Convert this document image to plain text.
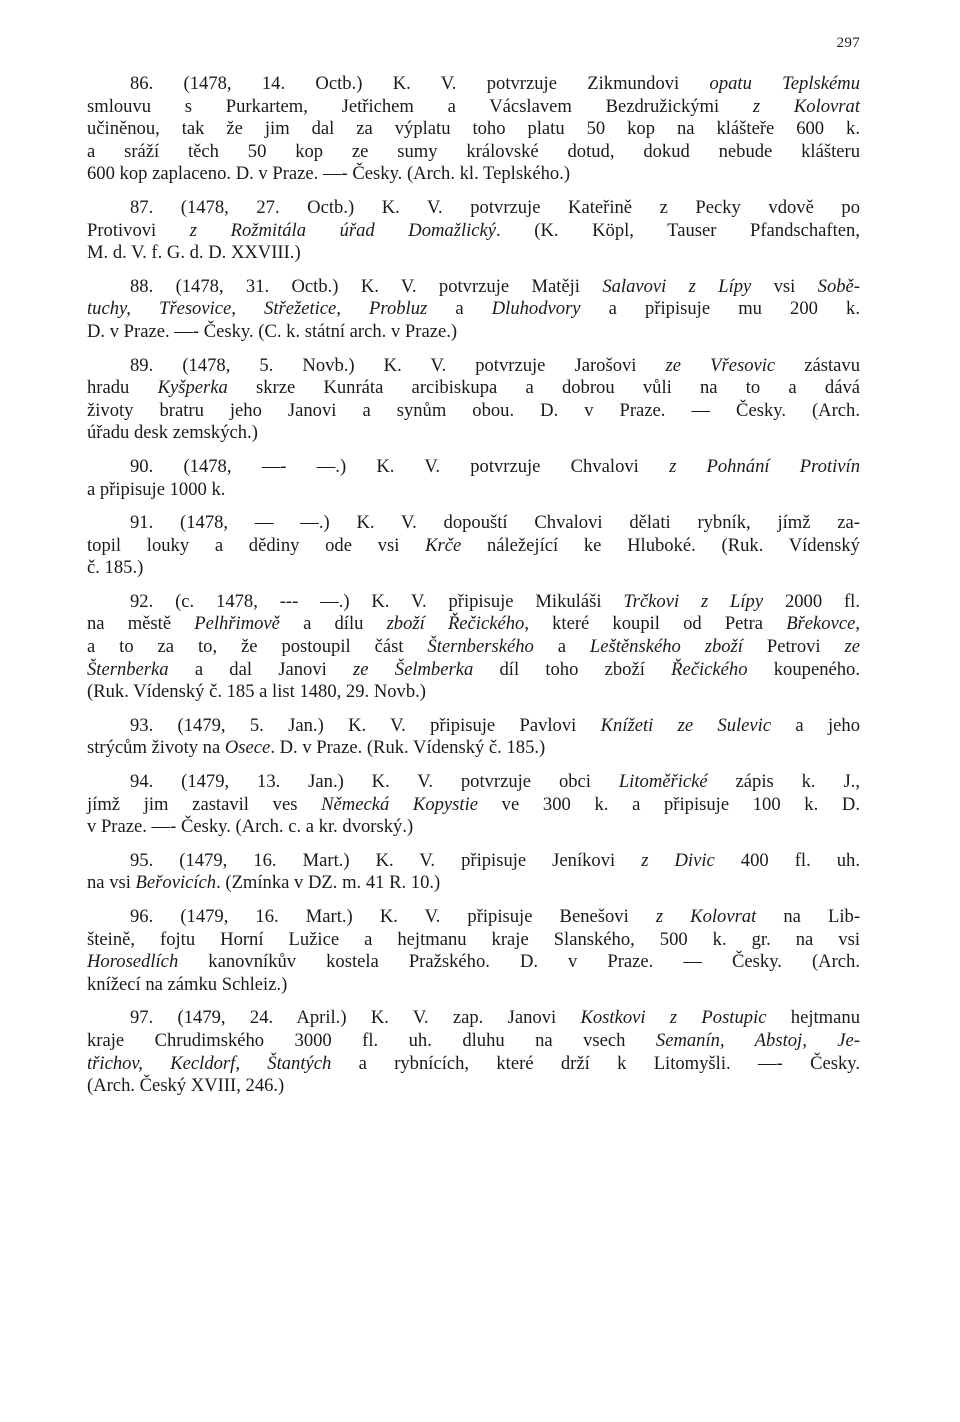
297
86. (1478, 14. Octb.) K. V. potvrzuje Zikmundovi opatu Teplskému
smlouvu s Purkartem, Jetřichem a Vácslavem Bezdružickými z Kolovrat
učiněnou, tak že jim dal za výplatu toho platu 50 kop na klášteře 600 k.
a sráží těch 50 kop ze sumy královské dotud, dokud nebude klášteru
600 kop zaplaceno. D. v Praze. —- Česky. (Arch. kl. Teplského.)
87. (1478, 27. Octb.) K. V. potvrzuje Kateřině z Pecky vdově po
Protivovi z Rožmitála úřad Domažlický. (K. Köpl, Tauser Pfandschaften,
M. d. V. f. G. d. D. XXVIII.)
88. (1478, 31. Octb.) K. V. potvrzuje Matěji Salavovi z Lípy vsi Sobě-
tuchy, Třesovice, Střežetice, Probluz a Dluhodvory a připisuje mu 200 k.
D. v Praze. —- Česky. (C. k. státní arch. v Praze.)
89. (1478, 5. Novb.) K. V. potvrzuje Jarošovi ze Vřesovic zástavu
hradu Kyšperka skrze Kunráta arcibiskupa a dobrou vůli na to a dává
životy bratru jeho Janovi a synům obou. D. v Praze. — Česky. (Arch.
úřadu desk zemských.)
90. (1478, —- —.) K. V. potvrzuje Chvalovi z Pohnání Protivín
a připisuje 1000 k.
91. (1478, — —.) K. V. dopouští Chvalovi dělati rybník, jímž za-
topil louky a dědiny ode vsi Krče náležející ke Hluboké. (Ruk. Vídenský
č. 185.)
92. (c. 1478, --- —.) K. V. připisuje Mikuláši Trčkovi z Lípy 2000 fl.
na městě Pelhřimově a dílu zboží Řečického, které koupil od Petra Břekovce,
a to za to, že postoupil část Šternberského a Leštěnského zboží Petrovi ze
Šternberka a dal Janovi ze Šelmberka díl toho zboží Řečického koupeného.
(Ruk. Vídenský č. 185 a list 1480, 29. Novb.)
93. (1479, 5. Jan.) K. V. připisuje Pavlovi Knížeti ze Sulevic a jeho
strýcům životy na Osece. D. v Praze. (Ruk. Vídenský č. 185.)
94. (1479, 13. Jan.) K. V. potvrzuje obci Litoměřické zápis k. J.,
jímž jim zastavil ves Německá Kopystie ve 300 k. a připisuje 100 k. D.
v Praze. —- Česky. (Arch. c. a kr. dvorský.)
95. (1479, 16. Mart.) K. V. připisuje Jeníkovi z Divic 400 fl. uh.
na vsi Beřovicích. (Zmínka v DZ. m. 41 R. 10.)
96. (1479, 16. Mart.) K. V. připisuje Benešovi z Kolovrat na Lib-
šteině, fojtu Horní Lužice a hejtmanu kraje Slanského, 500 k. gr. na vsi
Horosedlích kanovníkův kostela Pražského. D. v Praze. — Česky. (Arch.
knížecí na zámku Schleiz.)
97. (1479, 24. April.) K. V. zap. Janovi Kostkovi z Postupic hejtmanu
kraje Chrudimského 3000 fl. uh. dluhu na vsech Semanín, Abstoj, Je-
třichov, Kecldorf, Štantých a rybnících, které drží k Litomyšli. —- Česky.
(Arch. Český XVIII, 246.)
